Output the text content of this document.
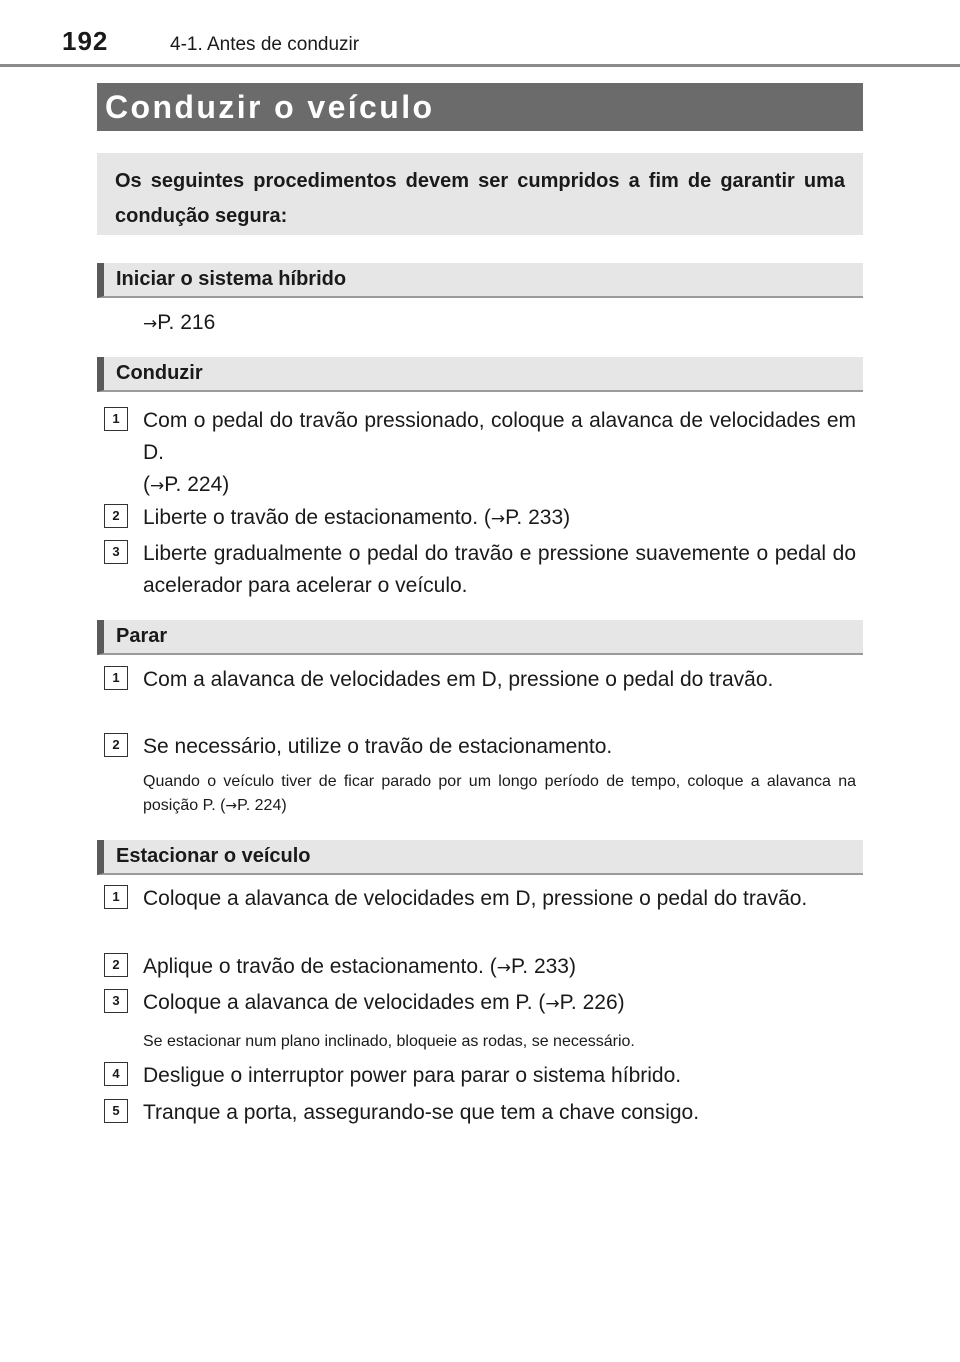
192	4-1. Antes de conduzir
Conduzir o veículo

Os seguintes procedimentos devem ser cumpridos a fim de garantir uma condução segura:

Iniciar o sistema híbrido
→P. 216
Conduzir
1	Com o pedal do travão pressionado, coloque a alavanca de velocidades em D.
(→P. 224)
2	Liberte o travão de estacionamento. (→P. 233)
3	Liberte gradualmente o pedal do travão e pressione suavemente o pedal do acelerador para acelerar o veículo.
Parar
1	Com a alavanca de velocidades em D, pressione o pedal do travão.
2	Se necessário, utilize o travão de estacionamento.
Quando o veículo tiver de ficar parado por um longo período de tempo, coloque a alavanca na posição P. (→P. 224)
Estacionar o veículo
1	Coloque a alavanca de velocidades em D, pressione o pedal do travão.
2	Aplique o travão de estacionamento. (→P. 233)
3	Coloque a alavanca de velocidades em P. (→P. 226)
Se estacionar num plano inclinado, bloqueie as rodas, se necessário.
4	Desligue o interruptor power para parar o sistema híbrido.
5	Tranque a porta, assegurando-se que tem a chave consigo.
